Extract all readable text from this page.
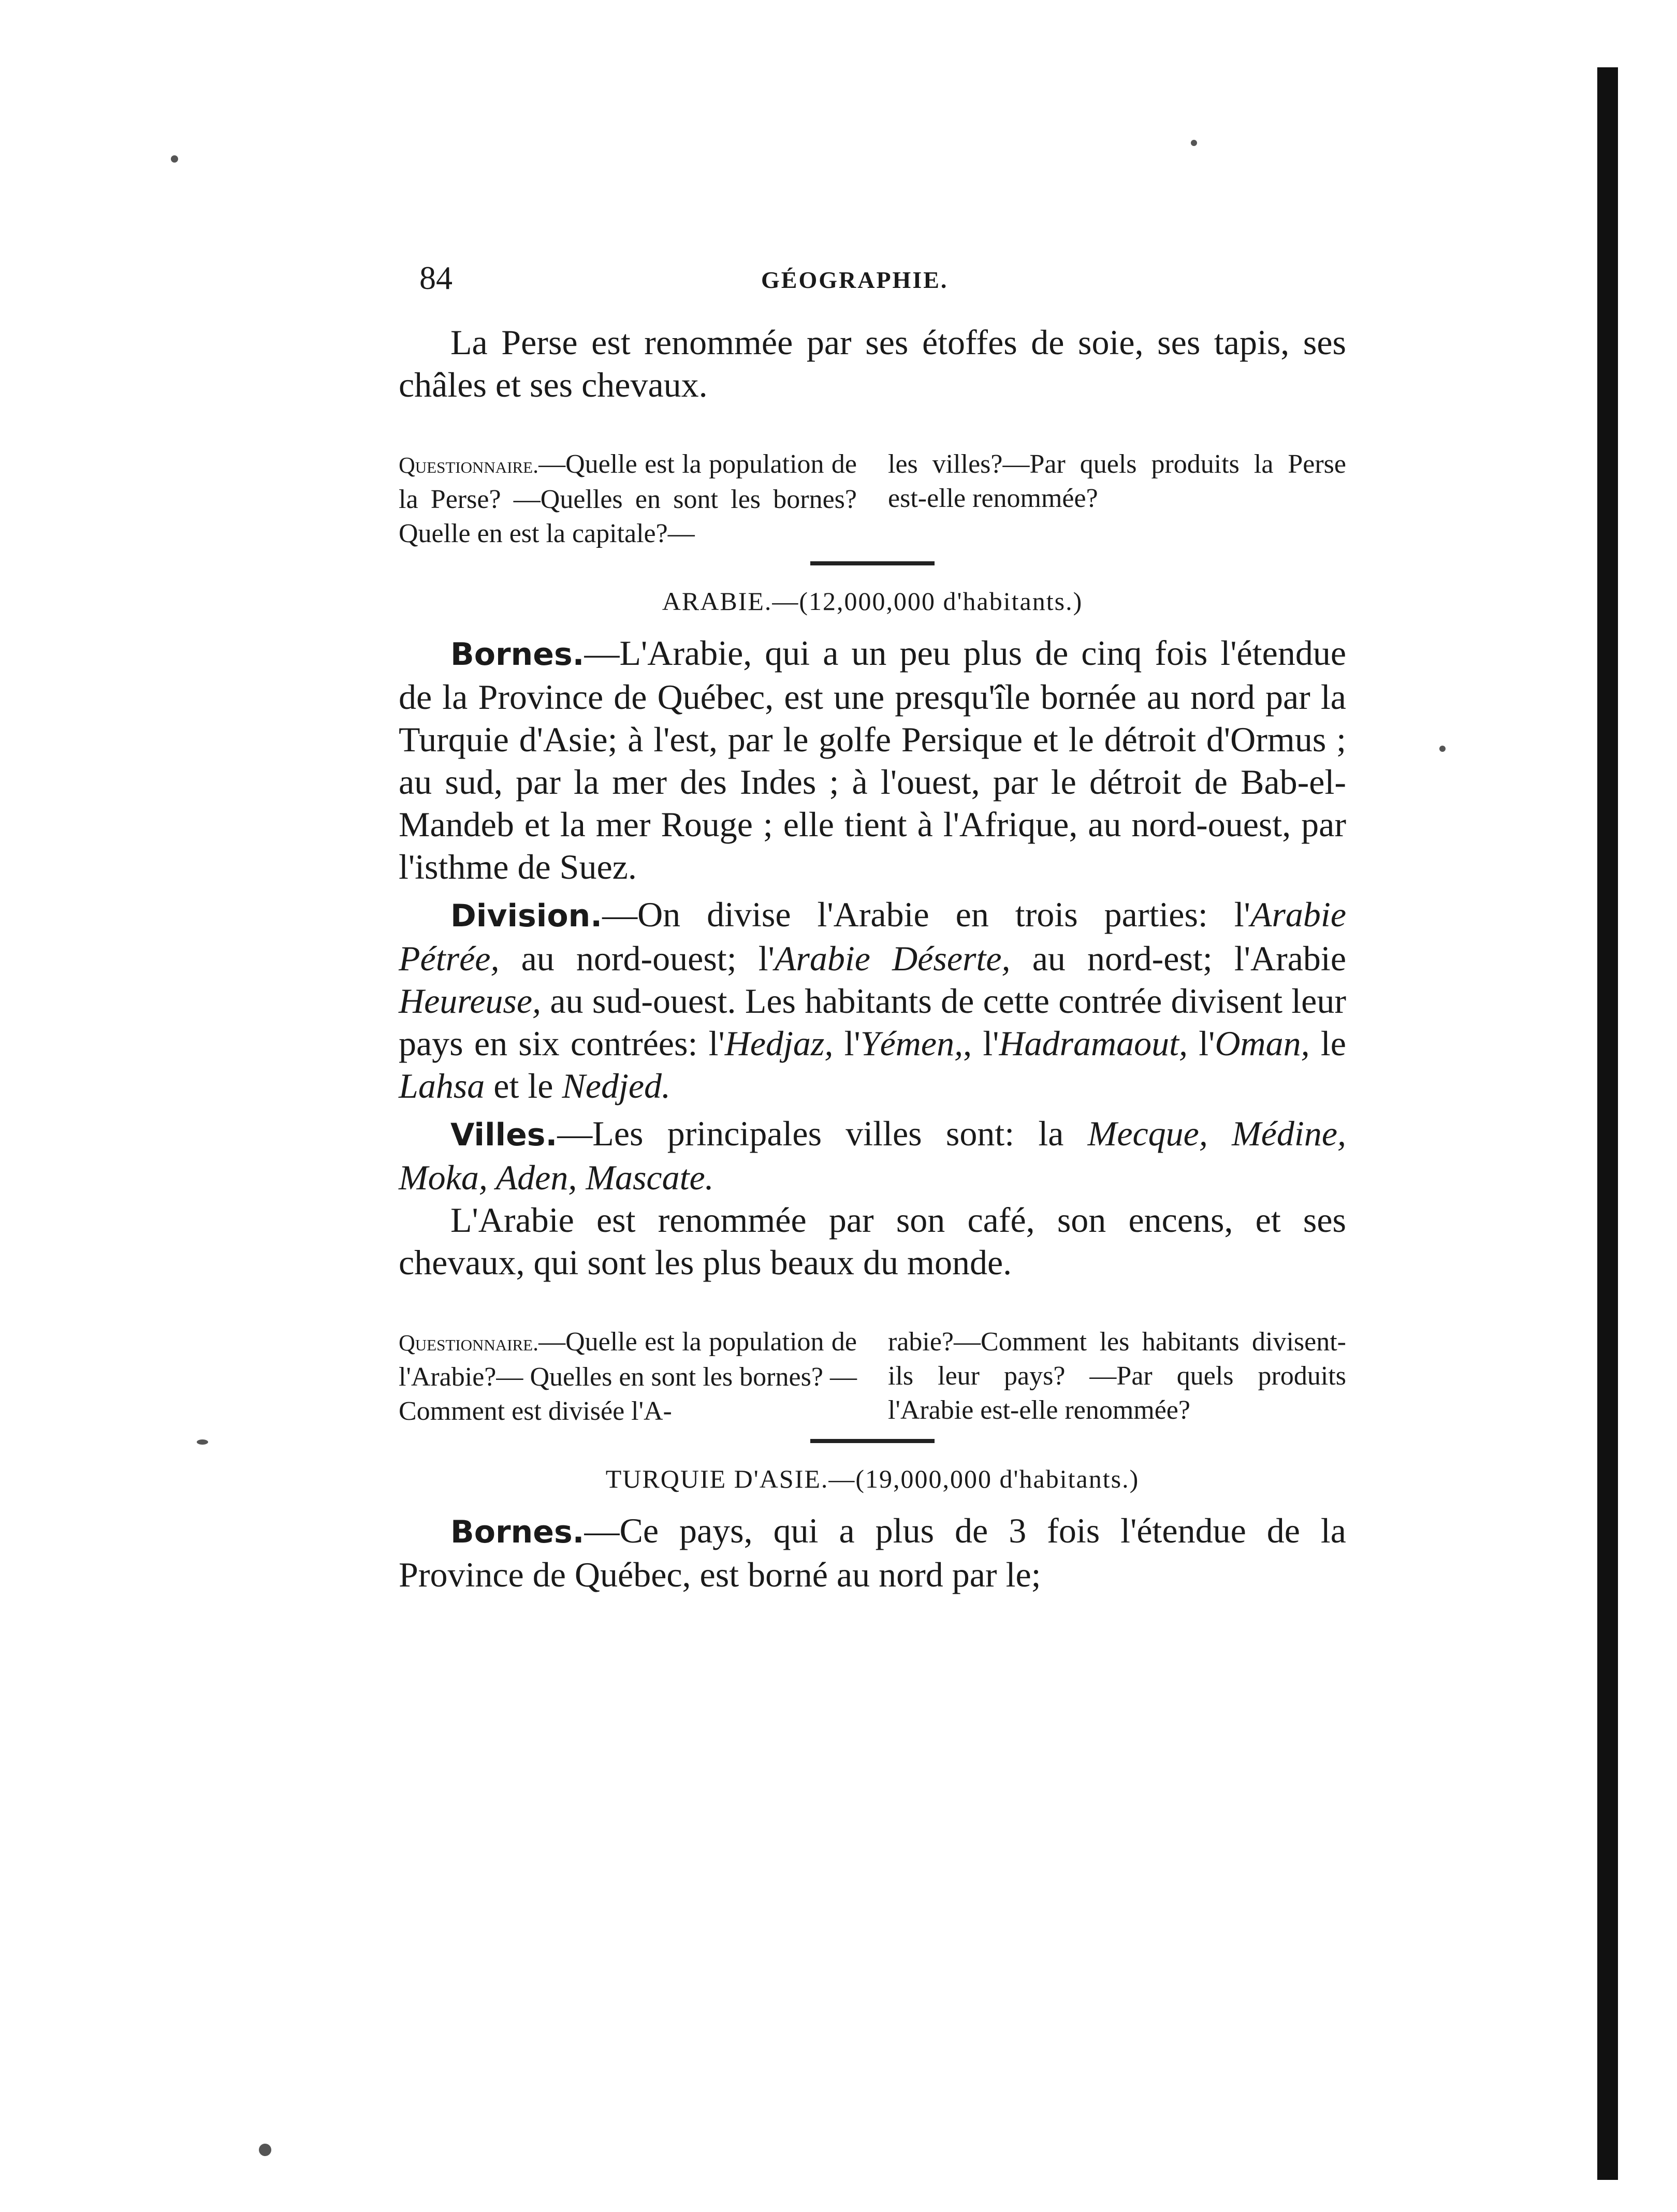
84	GÉOGRAPHIE.

La Perse est renommée par ses étoffes de soie, ses tapis, ses châles et ses chevaux.

Questionnaire.—Quelle est la population de la Perse? —Quelles en sont les bornes? Quelle en est la capitale?—
les villes?—Par quels produits la Perse est-elle renommée?
ARABIE.—(12,000,000 d'habitants.)

Bornes.—L'Arabie, qui a un peu plus de cinq fois l'étendue de la Province de Québec, est une presqu'île bornée au nord par la Turquie d'Asie; à l'est, par le golfe Persique et le détroit d'Ormus ; au sud, par la mer des Indes ; à l'ouest, par le détroit de Bab-el-Mandeb et la mer Rouge ; elle tient à l'Afrique, au nord-ouest, par l'isthme de Suez.

Division.—On divise l'Arabie en trois parties: l'Arabie Pétrée, au nord-ouest; l'Arabie Déserte, au nord-est; l'Arabie Heureuse, au sud-ouest. Les habitants de cette contrée divisent leur pays en six contrées: l'Hedjaz, l'Yémen,, l'Hadramaout, l'Oman, le Lahsa et le Nedjed.

Villes.—Les principales villes sont: la Mecque, Médine, Moka, Aden, Mascate.

L'Arabie est renommée par son café, son encens, et ses chevaux, qui sont les plus beaux du monde.

Questionnaire.—Quelle est la population de l'Arabie?— Quelles en sont les bornes? —Comment est divisée l'A-
rabie?—Comment les habitants divisent-ils leur pays? —Par quels produits l'Arabie est-elle renommée?
TURQUIE D'ASIE.—(19,000,000 d'habitants.)

Bornes.—Ce pays, qui a plus de 3 fois l'étendue de la Province de Québec, est borné au nord par le;
